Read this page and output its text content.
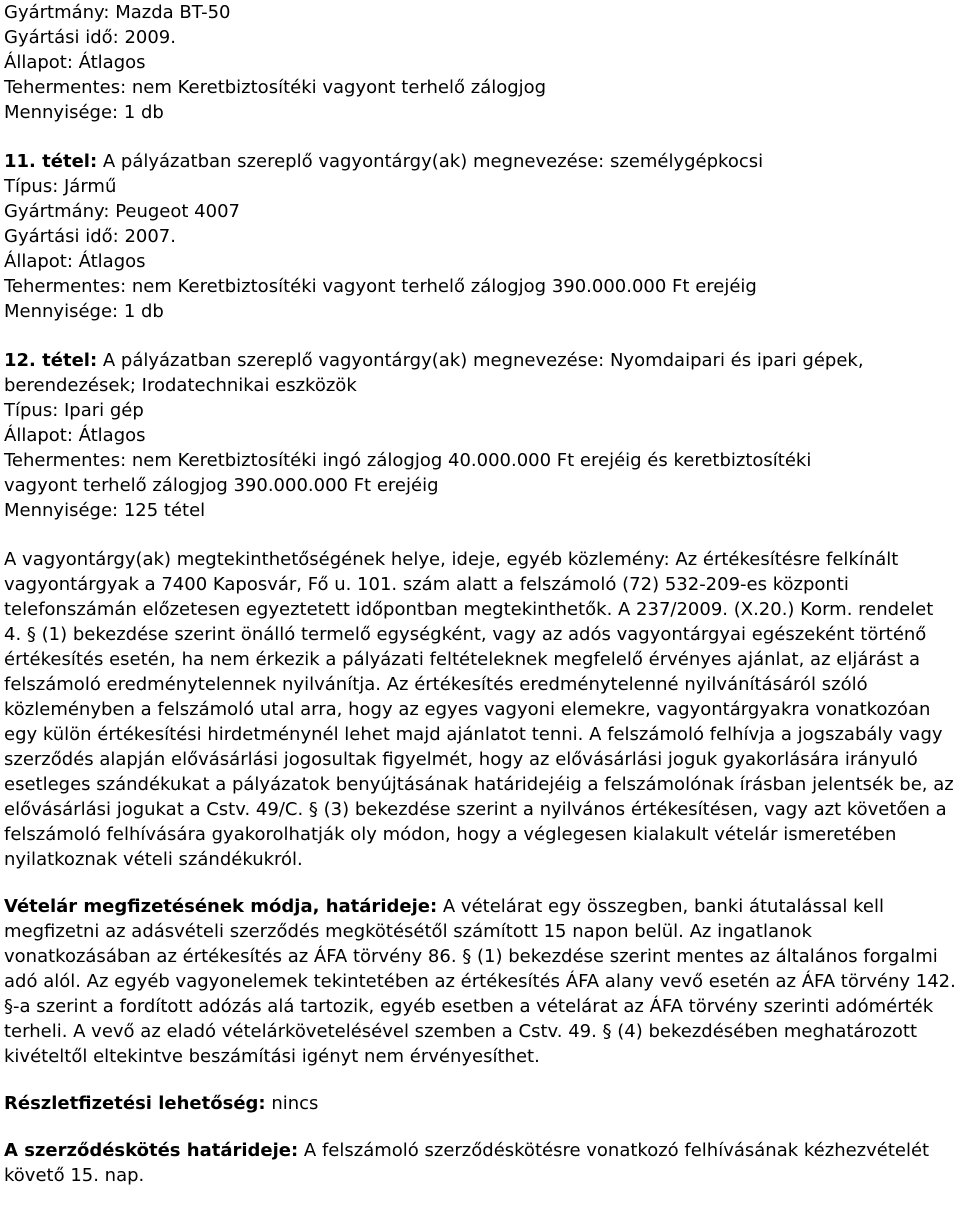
Gyártmány: Mazda BT-50
Gyártási idő: 2009.
Állapot: Átlagos
Tehermentes: nem Keretbiztosítéki vagyont terhelő zálogjog
Mennyisége: 1 db
11. tétel: A pályázatban szereplő vagyontárgy(ak) megnevezése: személygépkocsi
Típus: Jármű
Gyártmány: Peugeot 4007
Gyártási idő: 2007.
Állapot: Átlagos
Tehermentes: nem Keretbiztosítéki vagyont terhelő zálogjog 390.000.000 Ft erejéig
Mennyisége: 1 db
12. tétel: A pályázatban szereplő vagyontárgy(ak) megnevezése: Nyomdaipari és ipari gépek,
berendezések; Irodatechnikai eszközök
Típus: Ipari gép
Állapot: Átlagos
Tehermentes: nem Keretbiztosítéki ingó zálogjog 40.000.000 Ft erejéig és keretbiztosítéki
vagyont terhelő zálogjog 390.000.000 Ft erejéig
Mennyisége: 125 tétel
A vagyontárgy(ak) megtekinthetőségének helye, ideje, egyéb közlemény: Az értékesítésre felkínált vagyontárgyak a 7400 Kaposvár, Fő u. 101. szám alatt a felszámoló (72) 532-209-es központi telefonszámán előzetesen egyeztetett időpontban megtekinthetők. A 237/2009. (X.20.) Korm. rendelet 4. § (1) bekezdése szerint önálló termelő egységként, vagy az adós vagyontárgyai egészeként történő értékesítés esetén, ha nem érkezik a pályázati feltételeknek megfelelő érvényes ajánlat, az eljárást a felszámoló eredménytelennek nyilvánítja. Az értékesítés eredménytelenné nyilvánításáról szóló közleményben a felszámoló utal arra, hogy az egyes vagyoni elemekre, vagyontárgyakra vonatkozóan egy külön értékesítési hirdetménynél lehet majd ajánlatot tenni. A felszámoló felhívja a jogszabály vagy szerződés alapján elővásárlási jogosultak figyelmét, hogy az elővásárlási joguk gyakorlására irányuló esetleges szándékukat a pályázatok benyújtásának határidejéig a felszámolónak írásban jelentsék be, az elővásárlási jogukat a Cstv. 49/C. § (3) bekezdése szerint a nyilvános értékesítésen, vagy azt követően a felszámoló felhívására gyakorolhatják oly módon, hogy a véglegesen kialakult vételár ismeretében nyilatkoznak vételi szándékukról.
Vételár megfizetésének módja, határideje: A vételárat egy összegben, banki átutalással kell megfizetni az adásvételi szerződés megkötésétől számított 15 napon belül. Az ingatlanok vonatkozásában az értékesítés az ÁFA törvény 86. § (1) bekezdése szerint mentes az általános forgalmi adó alól. Az egyéb vagyonelemek tekintetében az értékesítés ÁFA alany vevő esetén az ÁFA törvény 142. §-a szerint a fordított adózás alá tartozik, egyéb esetben a vételárat az ÁFA törvény szerinti adómérték terheli. A vevő az eladó vételárkövetelésével szemben a Cstv. 49. § (4) bekezdésében meghatározott kivételtől eltekintve beszámítási igényt nem érvényesíthet.
Részletfizetési lehetőség: nincs
A szerződéskötés határideje: A felszámoló szerződéskötésre vonatkozó felhívásának kézhezvételét követő 15. nap.
